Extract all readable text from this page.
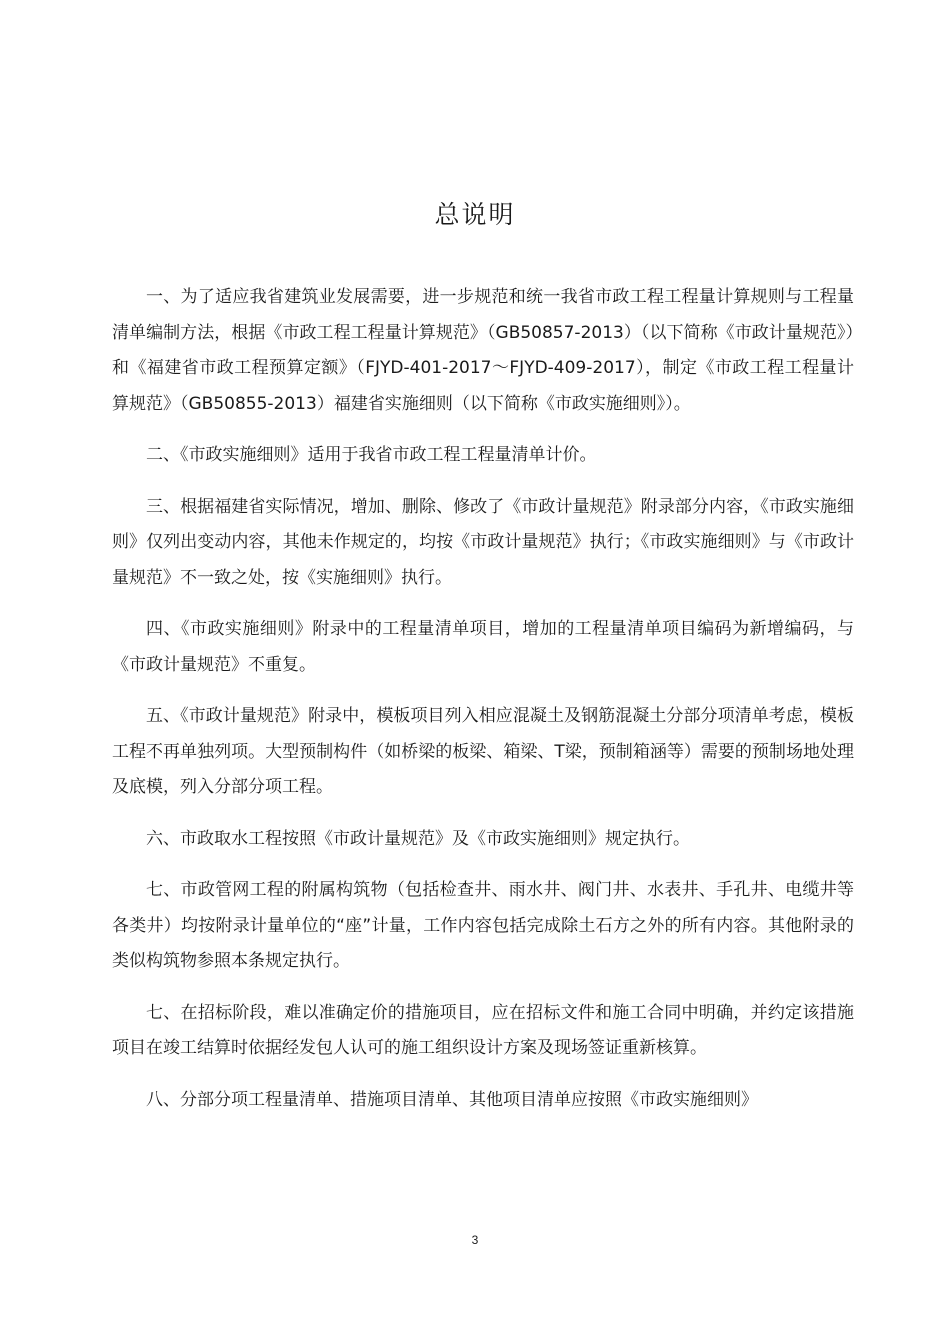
总说明

一、为了适应我省建筑业发展需要，进一步规范和统一我省市政工程工程量计算规则与工程量清单编制方法，根据《市政工程工程量计算规范》（GB50857-2013）（以下简称《市政计量规范》）和《福建省市政工程预算定额》（FJYD-401-2017～FJYD-409-2017），制定《市政工程工程量计算规范》（GB50855-2013）福建省实施细则（以下简称《市政实施细则》）。

二、《市政实施细则》适用于我省市政工程工程量清单计价。

三、根据福建省实际情况，增加、删除、修改了《市政计量规范》附录部分内容，《市政实施细则》仅列出变动内容，其他未作规定的，均按《市政计量规范》执行；《市政实施细则》与《市政计量规范》不一致之处，按《实施细则》执行。

四、《市政实施细则》附录中的工程量清单项目，增加的工程量清单项目编码为新增编码，与《市政计量规范》不重复。

五、《市政计量规范》附录中，模板项目列入相应混凝土及钢筋混凝土分部分项清单考虑，模板工程不再单独列项。大型预制构件（如桥梁的板梁、箱梁、T梁，预制箱涵等）需要的预制场地处理及底模，列入分部分项工程。

六、市政取水工程按照《市政计量规范》及《市政实施细则》规定执行。

七、市政管网工程的附属构筑物（包括检查井、雨水井、阀门井、水表井、手孔井、电缆井等各类井）均按附录计量单位的“座”计量，工作内容包括完成除土石方之外的所有内容。其他附录的类似构筑物参照本条规定执行。

七、在招标阶段，难以准确定价的措施项目，应在招标文件和施工合同中明确，并约定该措施项目在竣工结算时依据经发包人认可的施工组织设计方案及现场签证重新核算。

八、分部分项工程量清单、措施项目清单、其他项目清单应按照《市政实施细则》

3
